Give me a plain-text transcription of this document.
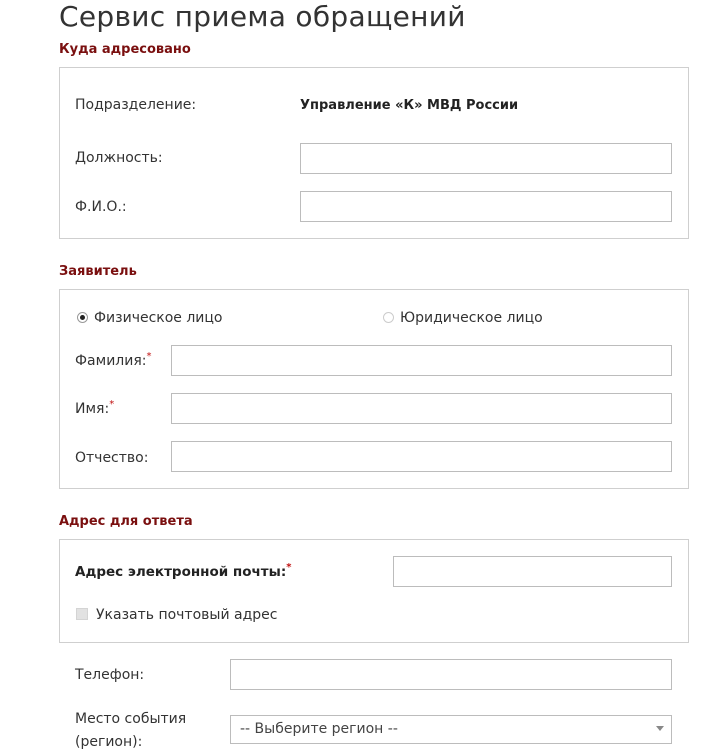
Сервис приема обращений
Куда адресовано
Подразделение:	Управление «К» МВД России
Должность:
Ф.И.О.:
Заявитель
Физическое лицо	Юридическое лицо
Фамилия:*
Имя:*
Отчество:
Адрес для ответа
Адрес электронной почты:*
Указать почтовый адрес
Телефон:
Место события
(регион):
-- Выберите регион --
